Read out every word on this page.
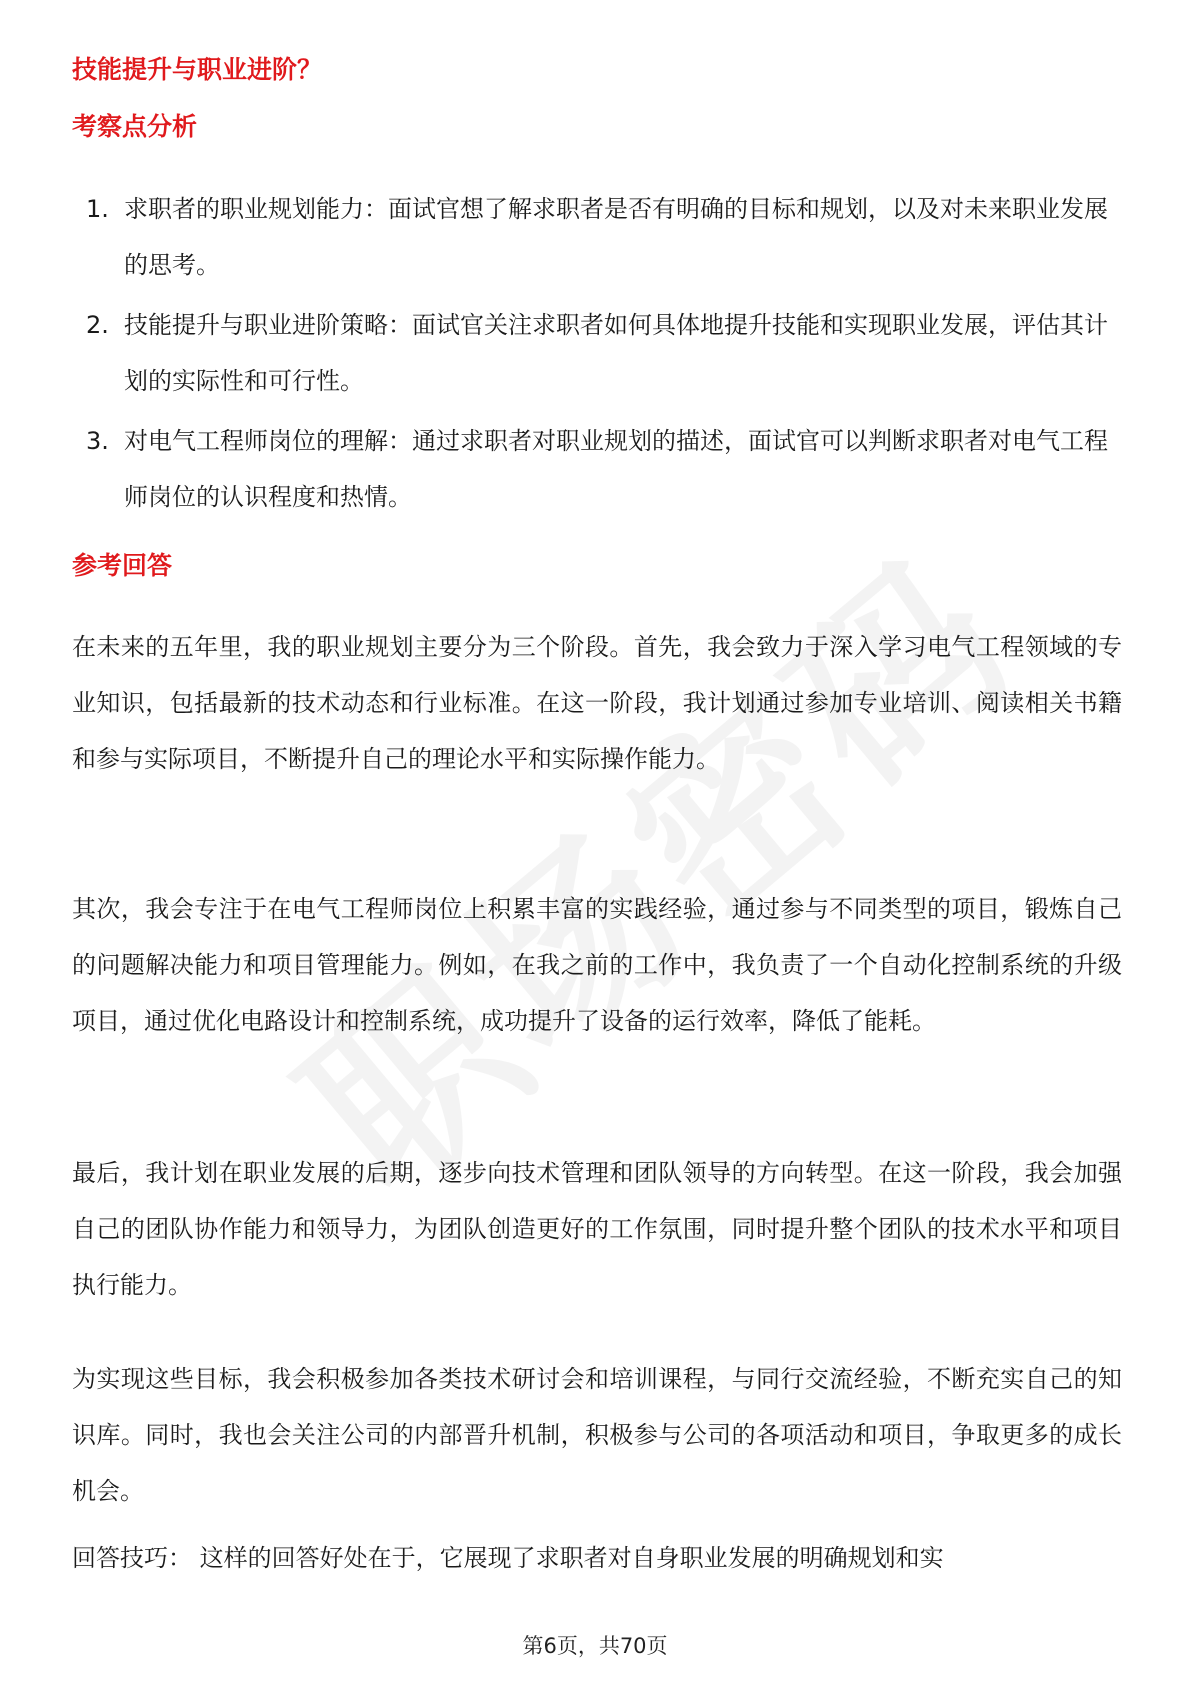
技能提升与职业进阶？
考察点分析
1. 求职者的职业规划能力：面试官想了解求职者是否有明确的目标和规划，以及对未来职业发展的思考。
2. 技能提升与职业进阶策略：面试官关注求职者如何具体地提升技能和实现职业发展，评估其计划的实际性和可行性。
3. 对电气工程师岗位的理解：通过求职者对职业规划的描述，面试官可以判断求职者对电气工程师岗位的认识程度和热情。
参考回答

在未来的五年里，我的职业规划主要分为三个阶段。首先，我会致力于深入学习电气工程领域的专业知识，包括最新的技术动态和行业标准。在这一阶段，我计划通过参加专业培训、阅读相关书籍和参与实际项目，不断提升自己的理论水平和实际操作能力。

其次，我会专注于在电气工程师岗位上积累丰富的实践经验，通过参与不同类型的项目，锻炼自己的问题解决能力和项目管理能力。例如，在我之前的工作中，我负责了一个自动化控制系统的升级项目，通过优化电路设计和控制系统，成功提升了设备的运行效率，降低了能耗。

最后，我计划在职业发展的后期，逐步向技术管理和团队领导的方向转型。在这一阶段，我会加强自己的团队协作能力和领导力，为团队创造更好的工作氛围，同时提升整个团队的技术水平和项目执行能力。

为实现这些目标，我会积极参加各类技术研讨会和培训课程，与同行交流经验，不断充实自己的知识库。同时，我也会关注公司的内部晋升机制，积极参与公司的各项活动和项目，争取更多的成长机会。

回答技巧： 这样的回答好处在于，它展现了求职者对自身职业发展的明确规划和实

第6页，共70页
